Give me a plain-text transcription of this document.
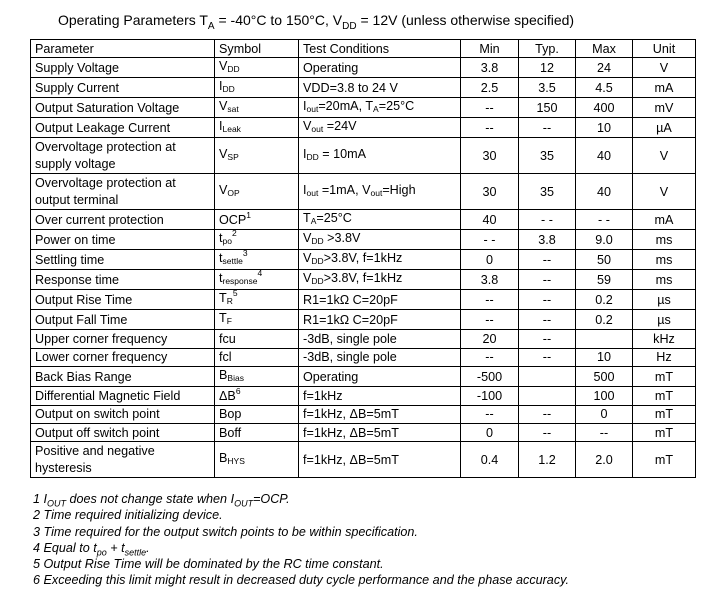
Operating Parameters $T_A = -40^\circ C$ to 150°C, $V_{DD} = 12V$ (unless otherwise specified)
Parameter	Symbol	Test Conditions	Min	Typ.	Max	Unit
Supply Voltage	$V_{DD}$	Operating	3.8	12	24	V
Supply Current	$I_{DD}$	VDD=3.8 to 24 V	2.5	3.5	4.5	mA
Output Saturation Voltage	$V_{sat}$	$I_{out}=20mA$, $T_A=25^\circ C$	--	150	400	mV
Output Leakage Current	$I_{Leak}$	$V_{out} =24V$	--	--	10	µA
Overvoltage protection at supply voltage	$V_{SP}$	$I_{DD} = 10mA$	30	35	40	V
Overvoltage protection at output terminal	$V_{OP}$	$I_{out} =1mA$, $V_{out}=High$	30	35	40	V
Over current protection	OCP$^1$	$T_A=25^\circ C$	40	- -	- -	mA
Power on time	$t_{po}^2$	$V_{DD} >3.8V$	- -	3.8	9.0	ms
Settling time	$t_{settle}^3$	$V_{DD}>3.8V$, f=1kHz	0	--	50	ms
Response time	$t_{response}^4$	$V_{DD}>3.8V$, f=1kHz	3.8	--	59	ms
Output Rise Time	$T_R^5$	R1=1kΩ C=20pF	--	--	0.2	µs
Output Fall Time	$T_F$	R1=1kΩ C=20pF	--	--	0.2	µs
Upper corner frequency	fcu	-3dB, single pole	20	--		kHz
Lower corner frequency	fcl	-3dB, single pole	--	--	10	Hz
Back Bias Range	$B_{Bias}$	Operating	-500		500	mT
Differential Magnetic Field	$\Delta B^6$	f=1kHz	-100		100	mT
Output on switch point	Bop	f=1kHz, ΔB=5mT	--	--	0	mT
Output off switch point	Boff	f=1kHz, ΔB=5mT	0	--	--	mT
Positive and negative hysteresis	$B_{HYS}$	f=1kHz, ΔB=5mT	0.4	1.2	2.0	mT
1 $I_{OUT}$ does not change state when $I_{OUT}=OCP$.
2 Time required initializing device.
3 Time required for the output switch points to be within specification.
4 Equal to $t_{po} + t_{settle}$.
5 Output Rise Time will be dominated by the RC time constant.
6 Exceeding this limit might result in decreased duty cycle performance and the phase accuracy.
